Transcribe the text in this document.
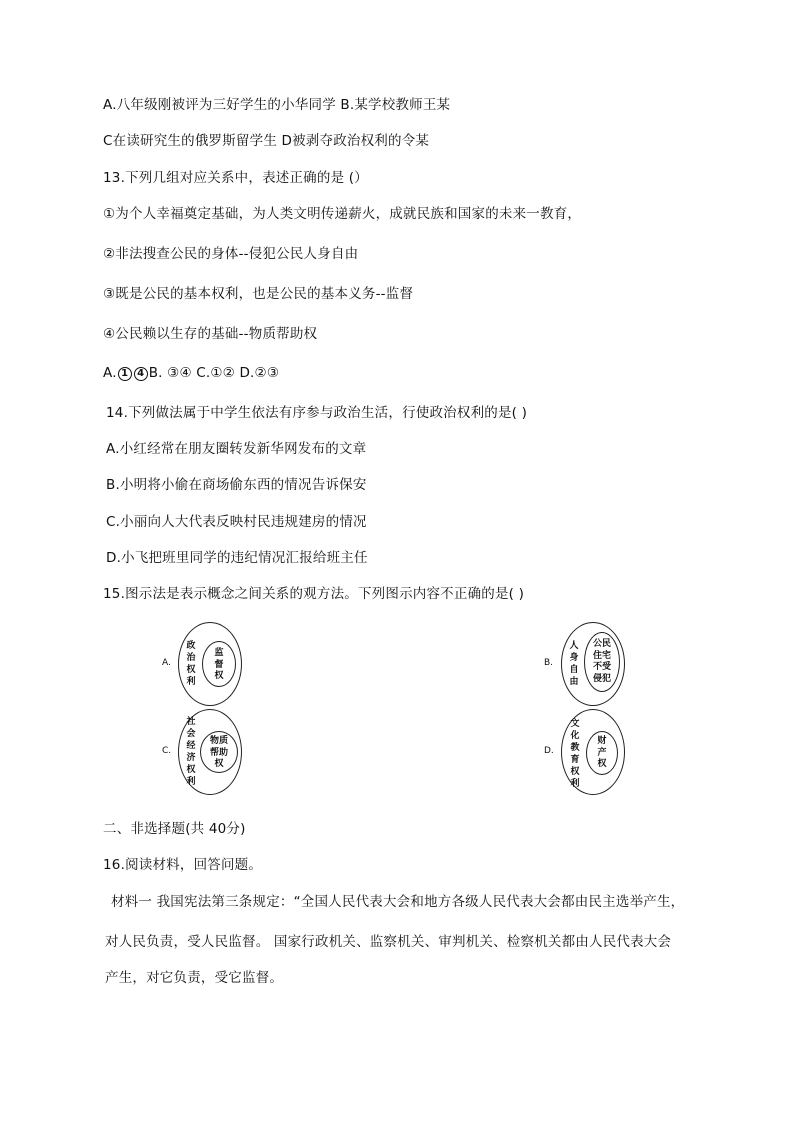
A.八年级刚被评为三好学生的小华同学 B.某学校教师王某
C在读研究生的俄罗斯留学生 D被剥夺政治权利的令某
13.下列几组对应关系中，表述正确的是 (）
①为个人幸福奠定基础，为人类文明传递薪火，成就民族和国家的未来一教育，
②非法搜查公民的身体--侵犯公民人身自由
③既是公民的基本权利，也是公民的基本义务--监督
④公民赖以生存的基础--物质帮助权
A. 1 4 B. ③④ C.①② D.②③
14.下列做法属于中学生依法有序参与政治生活，行使政治权利的是( )
A.小红经常在朋友圈转发新华网发布的文章
B.小明将小偷在商场偷东西的情况告诉保安
C.小丽向人大代表反映村民违规建房的情况
D.小飞把班里同学的违纪情况汇报给班主任
15.图示法是表示概念之间关系的观方法。下列图示内容不正确的是( )
A.
政治权利
监督权
C.
社会经济权利
物质帮助权
B.
人身自由
公民住宅不受侵犯
D.
文化教育权利
财产权
二、非选择题(共 40分)
16.阅读材料，回答问题。
材料一 我国宪法第三条规定：“全国人民代表大会和地方各级人民代表大会都由民主选举产生，
对人民负责，受人民监督。 国家行政机关、监察机关、审判机关、检察机关都由人民代表大会
产生，对它负责，受它监督。
